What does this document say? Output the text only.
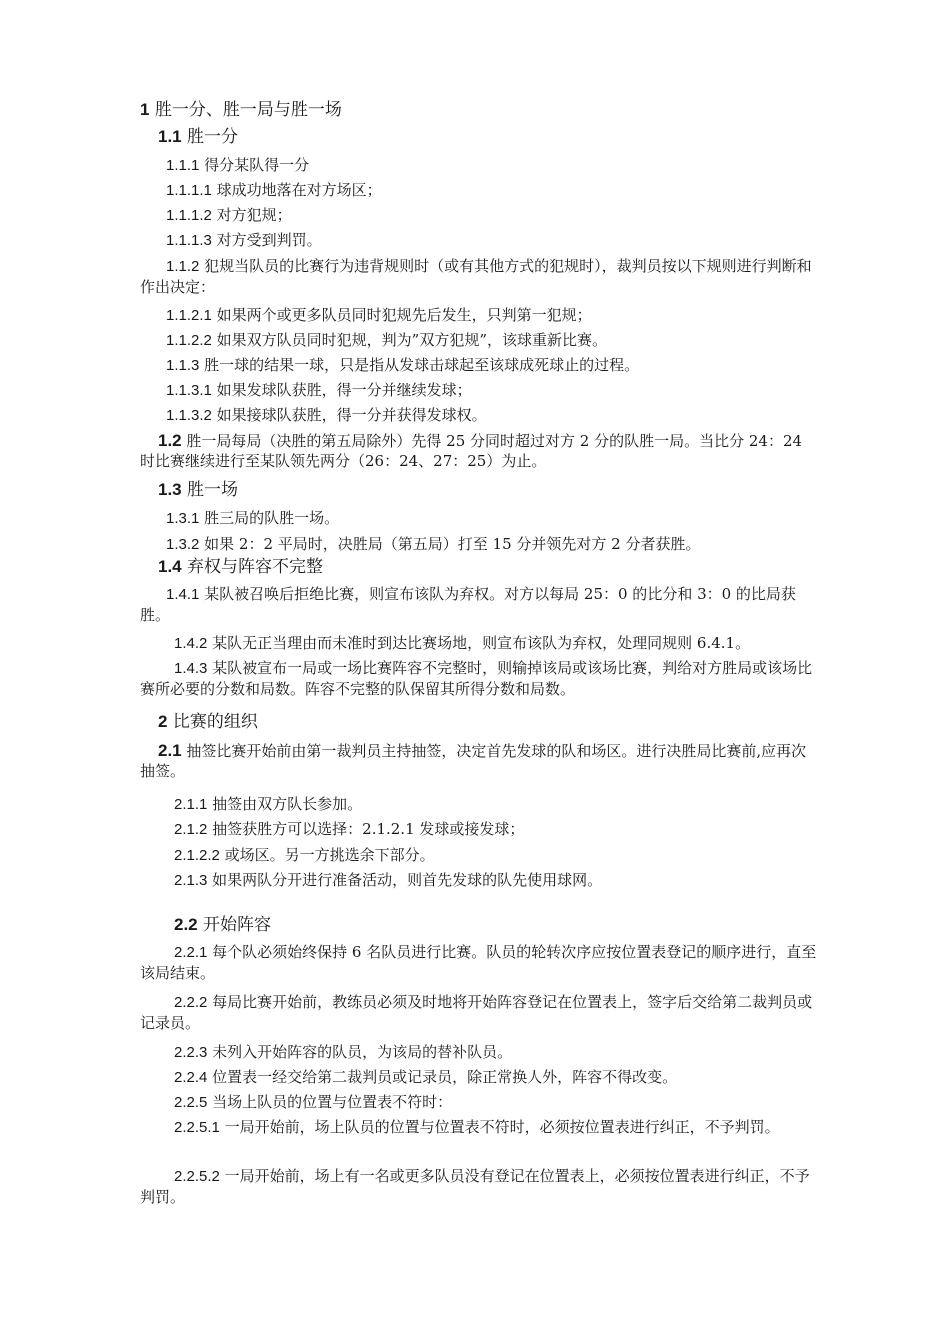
1 胜一分、胜一局与胜一场
1.1 胜一分
1.1.1 得分某队得一分
1.1.1.1 球成功地落在对方场区；
1.1.1.2 对方犯规；
1.1.1.3 对方受到判罚。
1.1.2 犯规当队员的比赛行为违背规则时（或有其他方式的犯规时），裁判员按以下规则进行判断和作出决定：
1.1.2.1 如果两个或更多队员同时犯规先后发生，只判第一犯规；
1.1.2.2 如果双方队员同时犯规，判为”双方犯规”，该球重新比赛。
1.1.3 胜一球的结果一球，只是指从发球击球起至该球成死球止的过程。
1.1.3.1 如果发球队获胜，得一分并继续发球；
1.1.3.2 如果接球队获胜，得一分并获得发球权。
1.2 胜一局每局（决胜的第五局除外）先得 25 分同时超过对方 2 分的队胜一局。当比分 24：24 时比赛继续进行至某队领先两分（26：24、27：25）为止。
1.3 胜一场
1.3.1 胜三局的队胜一场。
1.3.2 如果 2：2 平局时，决胜局（第五局）打至 15 分并领先对方 2 分者获胜。
1.4 弃权与阵容不完整
1.4.1 某队被召唤后拒绝比赛，则宣布该队为弃权。对方以每局 25：0 的比分和 3：0 的比局获胜。
1.4.2 某队无正当理由而未准时到达比赛场地，则宣布该队为弃权，处理同规则 6.4.1。
1.4.3 某队被宣布一局或一场比赛阵容不完整时，则输掉该局或该场比赛，判给对方胜局或该场比赛所必要的分数和局数。阵容不完整的队保留其所得分数和局数。
2 比赛的组织
2.1 抽签比赛开始前由第一裁判员主持抽签，决定首先发球的队和场区。进行决胜局比赛前,应再次抽签。
2.1.1 抽签由双方队长参加。
2.1.2 抽签获胜方可以选择：2.1.2.1 发球或接发球；
2.1.2.2 或场区。另一方挑选余下部分。
2.1.3 如果两队分开进行准备活动，则首先发球的队先使用球网。
2.2 开始阵容
2.2.1 每个队必须始终保持 6 名队员进行比赛。队员的轮转次序应按位置表登记的顺序进行，直至该局结束。
2.2.2 每局比赛开始前，教练员必须及时地将开始阵容登记在位置表上，签字后交给第二裁判员或记录员。
2.2.3 未列入开始阵容的队员，为该局的替补队员。
2.2.4 位置表一经交给第二裁判员或记录员，除正常换人外，阵容不得改变。
2.2.5 当场上队员的位置与位置表不符时：
2.2.5.1 一局开始前，场上队员的位置与位置表不符时，必须按位置表进行纠正，不予判罚。
2.2.5.2 一局开始前，场上有一名或更多队员没有登记在位置表上，必须按位置表进行纠正，不予判罚。
